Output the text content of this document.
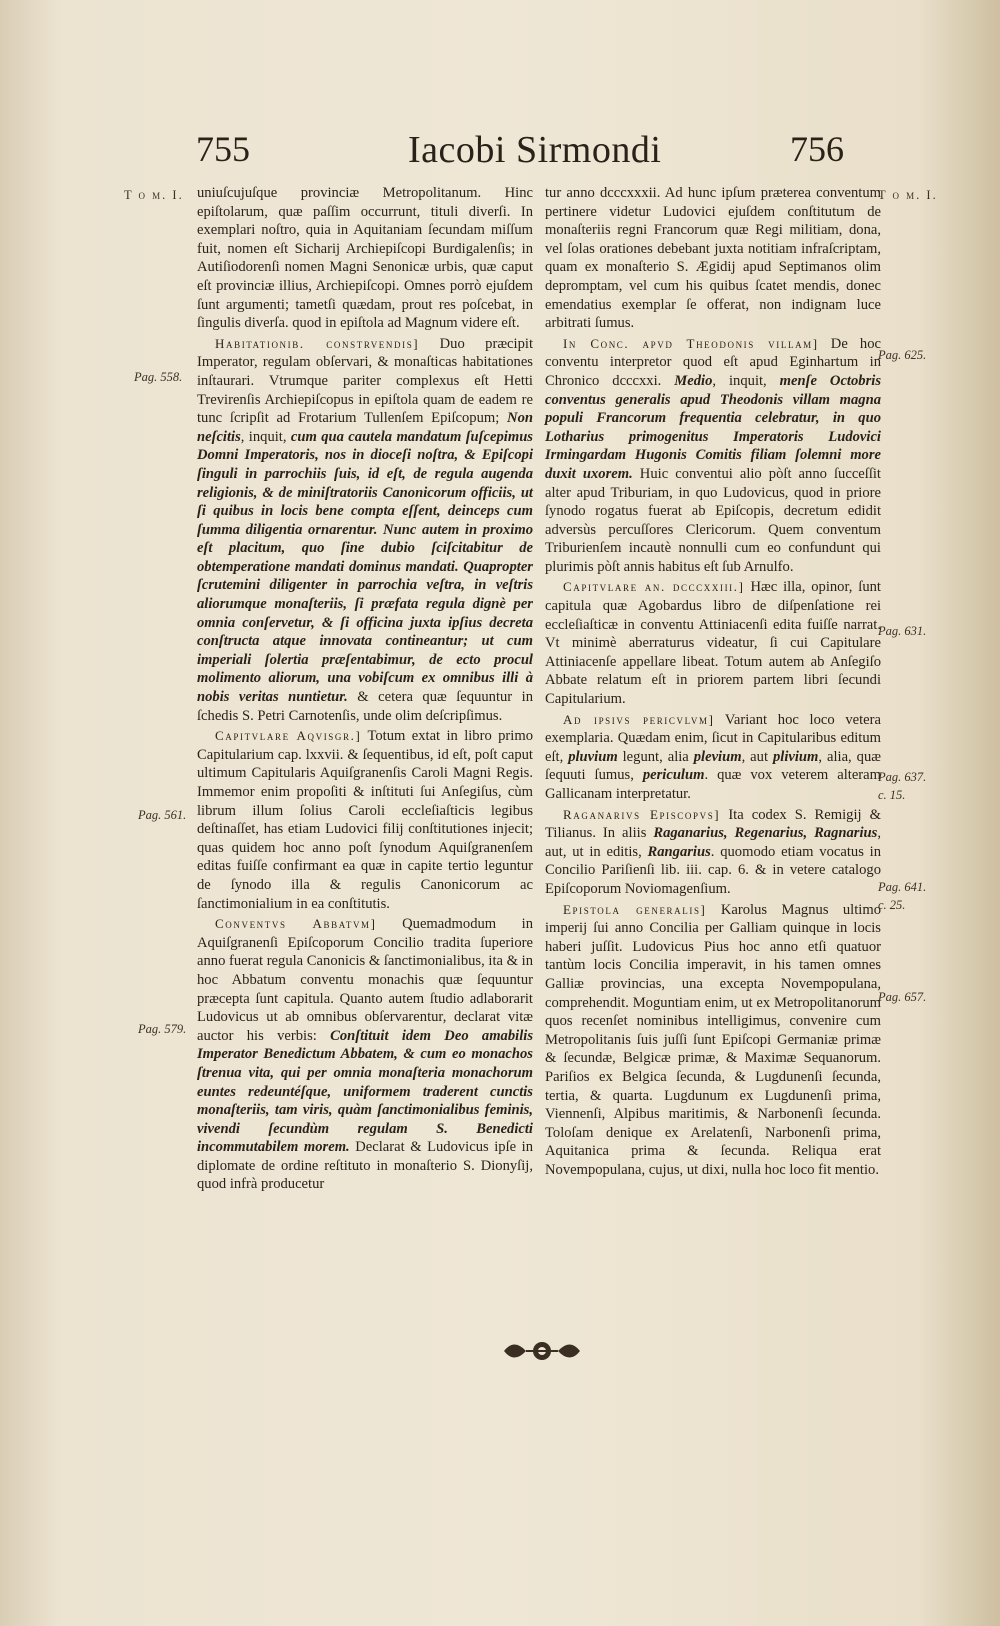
755	Iacobi Sirmondi	756
T o m. I.	T o m. I.
Pag. 558.
Pag. 561.
Pag. 579.
Pag. 625.
Pag. 631.
Pag. 637.
c. 15.
Pag. 641.
c. 25.
Pag. 657.

uniuſcujuſque provinciæ Metropolitanum. Hinc epiſtolarum, quæ paſſim occurrunt, tituli diverſi. In exemplari noſtro, quia in Aquitaniam ſecundam miſſum fuit, nomen eſt Sicharij Archiepiſcopi Burdigalenſis; in Autiſiodorenſi nomen Magni Senonicæ urbis, quæ caput eſt provinciæ illius, Archiepiſcopi. Omnes porrò ejuſdem ſunt argumenti; tametſi quædam, prout res poſcebat, in ſingulis diverſa. quod in epiſtola ad Magnum videre eſt.

Habitationib. constrvendis] Duo præcipit Imperator, regulam obſervari, & monaſticas habitationes inſtaurari. Vtrumque pariter complexus eſt Hetti Trevirenſis Archiepiſcopus in epiſtola quam de eadem re tunc ſcripſit ad Frotarium Tullenſem Epiſcopum; Non neſcitis, inquit, cum qua cautela mandatum ſuſcepimus Domni Imperatoris, nos in dioceſi noſtra, & Epiſcopi ſinguli in parrochiis ſuis, id eſt, de regula augenda religionis, & de miniſtratoriis Canonicorum officiis, ut ſi quibus in locis bene compta eſſent, deinceps cum ſumma diligentia ornarentur. Nunc autem in proximo eſt placitum, quo ſine dubio ſciſcitabitur de obtemperatione mandati dominus mandati. Quapropter ſcrutemini diligenter in parrochia veſtra, in veſtris aliorumque monaſteriis, ſi præfata regula dignè per omnia conſervetur, & ſi officina juxta ipſius decreta conſtructa atque innovata contineantur; ut cum imperiali ſolertia præſentabimur, de ecto procul molimento aliorum, una vobiſcum ex omnibus illi à nobis veritas nuntietur. & cetera quæ ſequuntur in ſchedis S. Petri Carnotenſis, unde olim deſcripſimus.

Capitvlare Aqvisgr.] Totum extat in libro primo Capitularium cap. lxxvii. & ſequentibus, id eſt, poſt caput ultimum Capitularis Aquiſgranenſis Caroli Magni Regis. Immemor enim propoſiti & inſtituti ſui Anſegiſus, cùm librum illum ſolius Caroli eccleſiaſticis legibus deſtinaſſet, has etiam Ludovici filij conſtitutiones injecit; quas quidem hoc anno poſt ſynodum Aquiſgranenſem editas fuiſſe confirmant ea quæ in capite tertio leguntur de ſynodo illa & regulis Canonicorum ac ſanctimonialium in ea conſtitutis.

Conventvs Abbatvm] Quemadmodum in Aquiſgranenſi Epiſcoporum Concilio tradita ſuperiore anno fuerat regula Canonicis & ſanctimonialibus, ita & in hoc Abbatum conventu monachis quæ ſequuntur præcepta ſunt capitula. Quanto autem ſtudio adlaborarit Ludovicus ut ab omnibus obſervarentur, declarat vitæ auctor his verbis: Conſtituit idem Deo amabilis Imperator Benedictum Abbatem, & cum eo monachos ſtrenua vita, qui per omnia monaſteria monachorum euntes redeuntéſque, uniformem traderent cunctis monaſteriis, tam viris, quàm ſanctimonialibus feminis, vivendi ſecundùm regulam S. Benedicti incommutabilem morem. Declarat & Ludovicus ipſe in diplomate de ordine reſtituto in monaſterio S. Dionyſij, quod infrà producetur

tur anno dcccxxxii. Ad hunc ipſum præterea conventum pertinere videtur Ludovici ejuſdem conſtitutum de monaſteriis regni Francorum quæ Regi militiam, dona, vel ſolas orationes debebant juxta notitiam infraſcriptam, quam ex monaſterio S. Ægidij apud Septimanos olim depromptam, vel cum his quibus ſcatet mendis, donec emendatius exemplar ſe offerat, non indignam luce arbitrati ſumus.

In Conc. apvd Theodonis villam] De hoc conventu interpretor quod eſt apud Eginhartum in Chronico dcccxxi. Medio, inquit, menſe Octobris conventus generalis apud Theodonis villam magna populi Francorum frequentia celebratur, in quo Lotharius primogenitus Imperatoris Ludovici Irmingardam Hugonis Comitis filiam ſolemni more duxit uxorem. Huic conventui alio pòſt anno ſucceſſit alter apud Triburiam, in quo Ludovicus, quod in priore ſynodo rogatus fuerat ab Epiſcopis, decretum edidit adversùs percuſſores Clericorum. Quem conventum Triburienſem incautè nonnulli cum eo confundunt qui plurimis pòſt annis habitus eſt ſub Arnulfo.

Capitvlare an. dcccxxiii.] Hæc illa, opinor, ſunt capitula quæ Agobardus libro de diſpenſatione rei eccleſiaſticæ in conventu Attiniacenſi edita fuiſſe narrat. Vt minimè aberraturus videatur, ſi cui Capitulare Attiniacenſe appellare libeat. Totum autem ab Anſegiſo Abbate relatum eſt in priorem partem libri ſecundi Capitularium.

Ad ipsivs pericvlvm] Variant hoc loco vetera exemplaria. Quædam enim, ſicut in Capitularibus editum eſt, pluvium legunt, alia plevium, aut plivium, alia, quæ ſequuti ſumus, periculum. quæ vox veterem alteram Gallicanam interpretatur.

Raganarivs Episcopvs] Ita codex S. Remigij & Tilianus. In aliis Raganarius, Regenarius, Ragnarius, aut, ut in editis, Rangarius. quomodo etiam vocatus in Concilio Pariſienſi lib. iii. cap. 6. & in vetere catalogo Epiſcoporum Noviomagenſium.

Epistola generalis] Karolus Magnus ultimo imperij ſui anno Concilia per Galliam quinque in locis haberi juſſit. Ludovicus Pius hoc anno etſi quatuor tantùm locis Concilia imperavit, in his tamen omnes Galliæ provincias, una excepta Novempopulana, comprehendit. Moguntiam enim, ut ex Metropolitanorum quos recenſet nominibus intelligimus, convenire cum Metropolitanis ſuis juſſi ſunt Epiſcopi Germaniæ primæ & ſecundæ, Belgicæ primæ, & Maximæ Sequanorum. Pariſios ex Belgica ſecunda, & Lugdunenſi ſecunda, tertia, & quarta. Lugdunum ex Lugdunenſi prima, Viennenſi, Alpibus maritimis, & Narbonenſi ſecunda. Toloſam denique ex Arelatenſi, Narbonenſi prima, Aquitanica prima & ſecunda. Reliqua erat Novempopulana, cujus, ut dixi, nulla hoc loco fit mentio.
